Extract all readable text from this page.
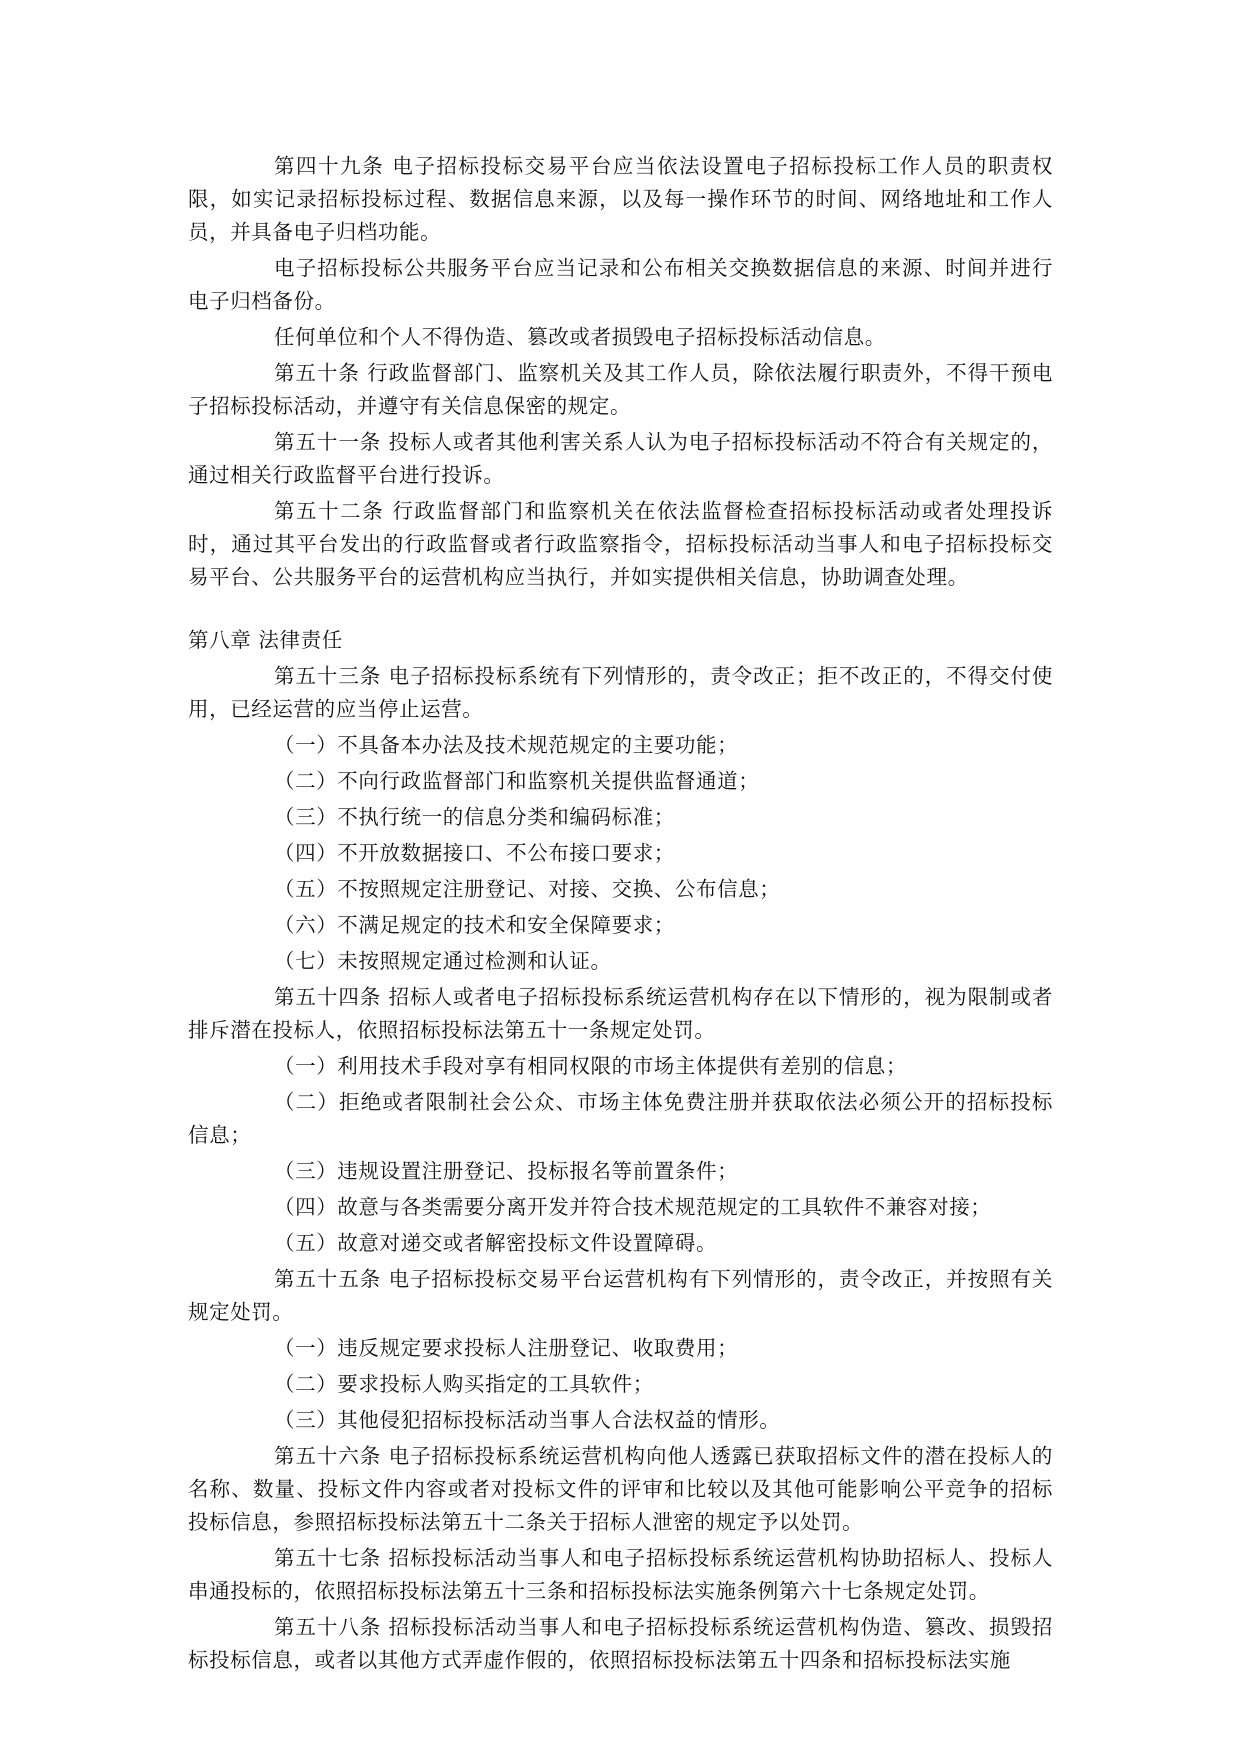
第四十九条 电子招标投标交易平台应当依法设置电子招标投标工作人员的职责权限，如实记录招标投标过程、数据信息来源，以及每一操作环节的时间、网络地址和工作人员，并具备电子归档功能。

电子招标投标公共服务平台应当记录和公布相关交换数据信息的来源、时间并进行电子归档备份。

任何单位和个人不得伪造、篡改或者损毁电子招标投标活动信息。

第五十条 行政监督部门、监察机关及其工作人员，除依法履行职责外，不得干预电子招标投标活动，并遵守有关信息保密的规定。

第五十一条 投标人或者其他利害关系人认为电子招标投标活动不符合有关规定的，通过相关行政监督平台进行投诉。

第五十二条 行政监督部门和监察机关在依法监督检查招标投标活动或者处理投诉时，通过其平台发出的行政监督或者行政监察指令，招标投标活动当事人和电子招标投标交易平台、公共服务平台的运营机构应当执行，并如实提供相关信息，协助调查处理。

第八章 法律责任

第五十三条 电子招标投标系统有下列情形的，责令改正；拒不改正的，不得交付使用，已经运营的应当停止运营。

（一）不具备本办法及技术规范规定的主要功能；

（二）不向行政监督部门和监察机关提供监督通道；

（三）不执行统一的信息分类和编码标准；

（四）不开放数据接口、不公布接口要求；

（五）不按照规定注册登记、对接、交换、公布信息；

（六）不满足规定的技术和安全保障要求；

（七）未按照规定通过检测和认证。

第五十四条 招标人或者电子招标投标系统运营机构存在以下情形的，视为限制或者排斥潜在投标人，依照招标投标法第五十一条规定处罚。

（一）利用技术手段对享有相同权限的市场主体提供有差别的信息；

（二）拒绝或者限制社会公众、市场主体免费注册并获取依法必须公开的招标投标信息；

（三）违规设置注册登记、投标报名等前置条件；

（四）故意与各类需要分离开发并符合技术规范规定的工具软件不兼容对接；

（五）故意对递交或者解密投标文件设置障碍。

第五十五条 电子招标投标交易平台运营机构有下列情形的，责令改正，并按照有关规定处罚。

（一）违反规定要求投标人注册登记、收取费用；

（二）要求投标人购买指定的工具软件；

（三）其他侵犯招标投标活动当事人合法权益的情形。

第五十六条 电子招标投标系统运营机构向他人透露已获取招标文件的潜在投标人的名称、数量、投标文件内容或者对投标文件的评审和比较以及其他可能影响公平竞争的招标投标信息，参照招标投标法第五十二条关于招标人泄密的规定予以处罚。

第五十七条 招标投标活动当事人和电子招标投标系统运营机构协助招标人、投标人串通投标的，依照招标投标法第五十三条和招标投标法实施条例第六十七条规定处罚。

第五十八条 招标投标活动当事人和电子招标投标系统运营机构伪造、篡改、损毁招标投标信息，或者以其他方式弄虚作假的，依照招标投标法第五十四条和招标投标法实施
